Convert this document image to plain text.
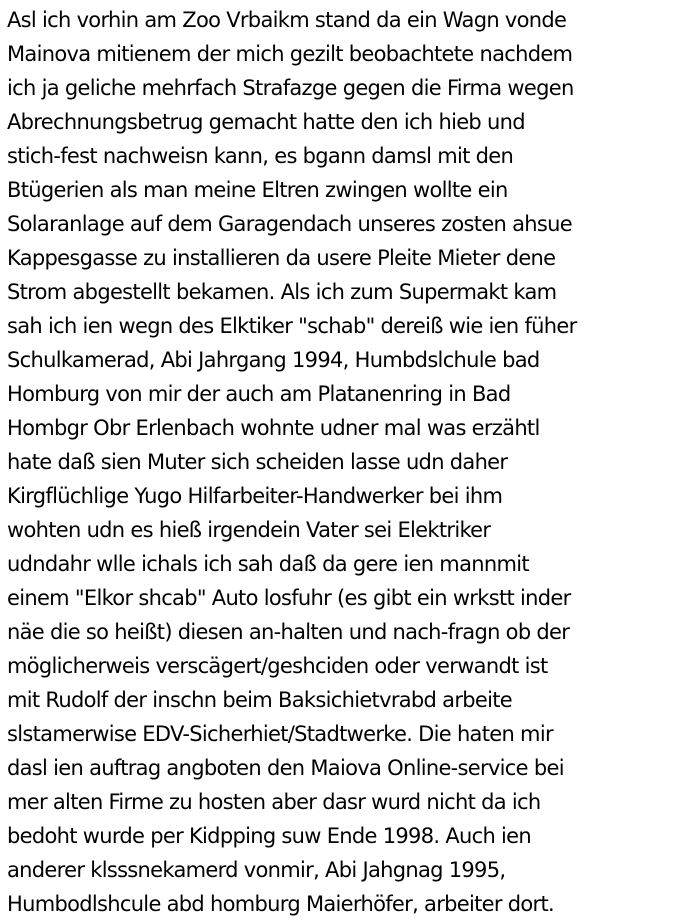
Asl ich vorhin am Zoo Vrbaikm stand da ein Wagn vonde
Mainova mitienem der mich gezilt beobachtete nachdem
ich ja geliche mehrfach Strafazge gegen die Firma wegen
Abrechnungsbetrug gemacht hatte den ich hieb und
stich-fest nachweisn kann, es bgann damsl mit den
Btügerien als man meine Eltren zwingen wollte ein
Solaranlage auf dem Garagendach unseres zosten ahsue
Kappesgasse zu installieren da usere Pleite Mieter dene
Strom abgestellt bekamen. Als ich zum Supermakt kam
sah ich ien wegn des Elktiker "schab" dereiß wie ien füher
Schulkamerad, Abi Jahrgang 1994, Humbdslchule bad
Homburg von mir der auch am Platanenring in Bad
Hombgr Obr Erlenbach wohnte udner mal was erzähtl
hate daß sien Muter sich scheiden lasse udn daher
Kirgflüchlige Yugo Hilfarbeiter-Handwerker bei ihm
wohten udn es hieß irgendein Vater sei Elektriker
udndahr wlle ichals ich sah daß da gere ien mannmit
einem "Elkor shcab" Auto losfuhr (es gibt ein wrkstt inder
näe die so heißt) diesen an-halten und nach-fragn ob der
möglicherweis verscägert/geshciden oder verwandt ist
mit Rudolf der inschn beim Baksichietvrabd arbeite
slstamerwise EDV-Sicherhiet/Stadtwerke. Die haten mir
dasl ien auftrag angboten den Maiova Online-service bei
mer alten Firme zu hosten aber dasr wurd nicht da ich
bedoht wurde per Kidpping suw Ende 1998. Auch ien
anderer klsssnekamerd vonmir, Abi Jahgnag 1995,
Humbodlshcule abd homburg Maierhöfer, arbeiter dort.
